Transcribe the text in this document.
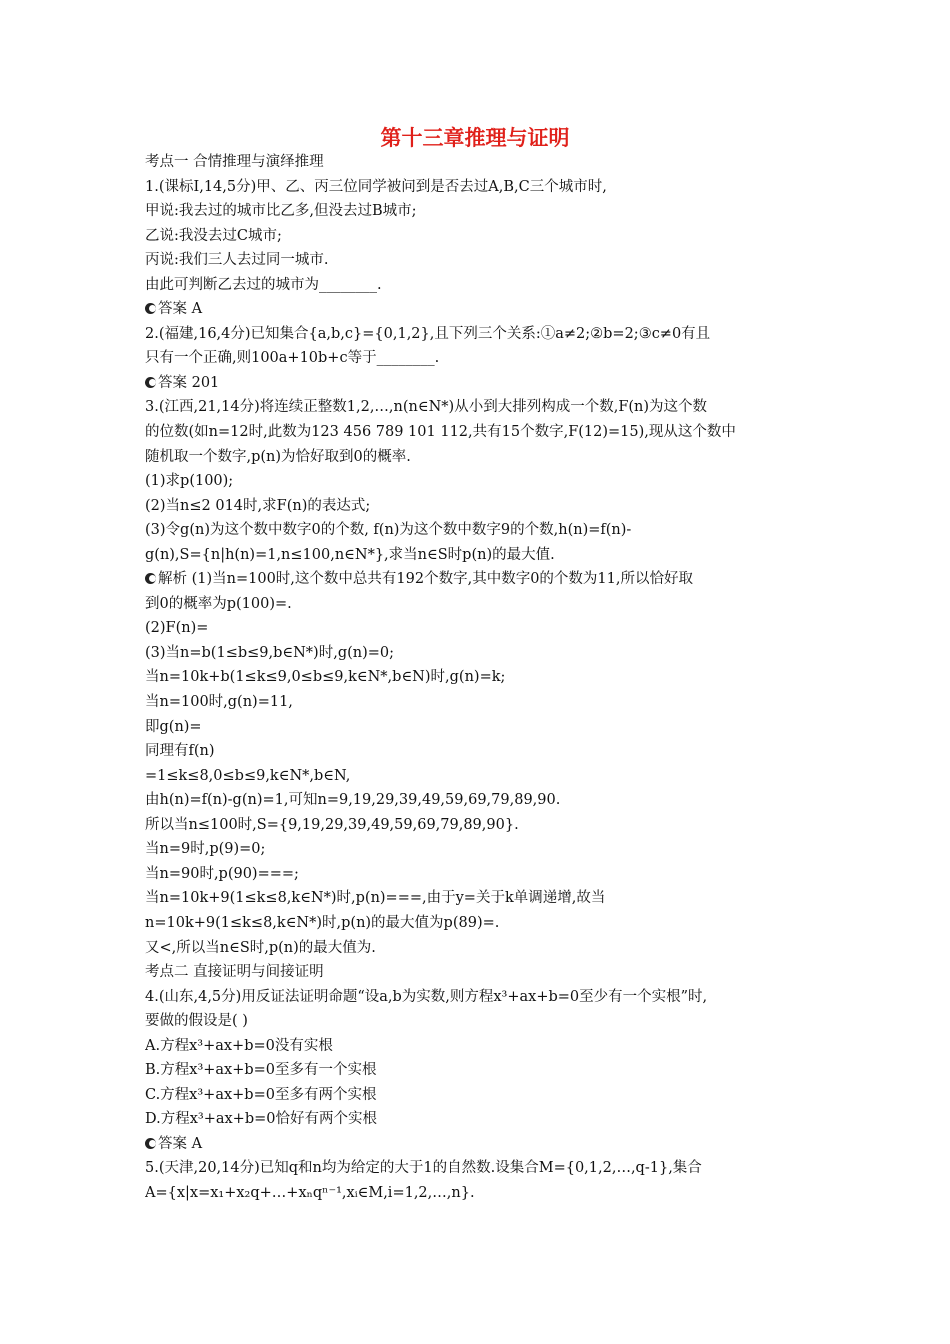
第十三章推理与证明
考点一 合情推理与演绎推理
1.(课标Ⅰ,14,5分)甲、乙、丙三位同学被问到是否去过A,B,C三个城市时,
甲说:我去过的城市比乙多,但没去过B城市;
乙说:我没去过C城市;
丙说:我们三人去过同一城市.
由此可判断乙去过的城市为________.
答案 A
2.(福建,16,4分)已知集合{a,b,c}={0,1,2},且下列三个关系:①a≠2;②b=2;③c≠0有且
只有一个正确,则100a+10b+c等于________.
答案 201
3.(江西,21,14分)将连续正整数1,2,…,n(n∈N*)从小到大排列构成一个数,F(n)为这个数
的位数(如n=12时,此数为123 456 789 101 112,共有15个数字,F(12)=15),现从这个数中
随机取一个数字,p(n)为恰好取到0的概率.
(1)求p(100);
(2)当n≤2 014时,求F(n)的表达式;
(3)令g(n)为这个数中数字0的个数, f(n)为这个数中数字9的个数,h(n)=f(n)-
g(n),S={n|h(n)=1,n≤100,n∈N*},求当n∈S时p(n)的最大值.
解析 (1)当n=100时,这个数中总共有192个数字,其中数字0的个数为11,所以恰好取
到0的概率为p(100)=.
(2)F(n)=
(3)当n=b(1≤b≤9,b∈N*)时,g(n)=0;
当n=10k+b(1≤k≤9,0≤b≤9,k∈N*,b∈N)时,g(n)=k;
当n=100时,g(n)=11,
即g(n)=
同理有f(n)
=1≤k≤8,0≤b≤9,k∈N*,b∈N,
由h(n)=f(n)-g(n)=1,可知n=9,19,29,39,49,59,69,79,89,90.
所以当n≤100时,S={9,19,29,39,49,59,69,79,89,90}.
当n=9时,p(9)=0;
当n=90时,p(90)===;
当n=10k+9(1≤k≤8,k∈N*)时,p(n)===,由于y=关于k单调递增,故当
n=10k+9(1≤k≤8,k∈N*)时,p(n)的最大值为p(89)=.
又<,所以当n∈S时,p(n)的最大值为.
考点二 直接证明与间接证明
4.(山东,4,5分)用反证法证明命题“设a,b为实数,则方程x³+ax+b=0至少有一个实根”时,
要做的假设是( )
A.方程x³+ax+b=0没有实根
B.方程x³+ax+b=0至多有一个实根
C.方程x³+ax+b=0至多有两个实根
D.方程x³+ax+b=0恰好有两个实根
答案 A
5.(天津,20,14分)已知q和n均为给定的大于1的自然数.设集合M={0,1,2,…,q-1},集合
A={x|x=x₁+x₂q+…+xₙqⁿ⁻¹,xᵢ∈M,i=1,2,…,n}.
